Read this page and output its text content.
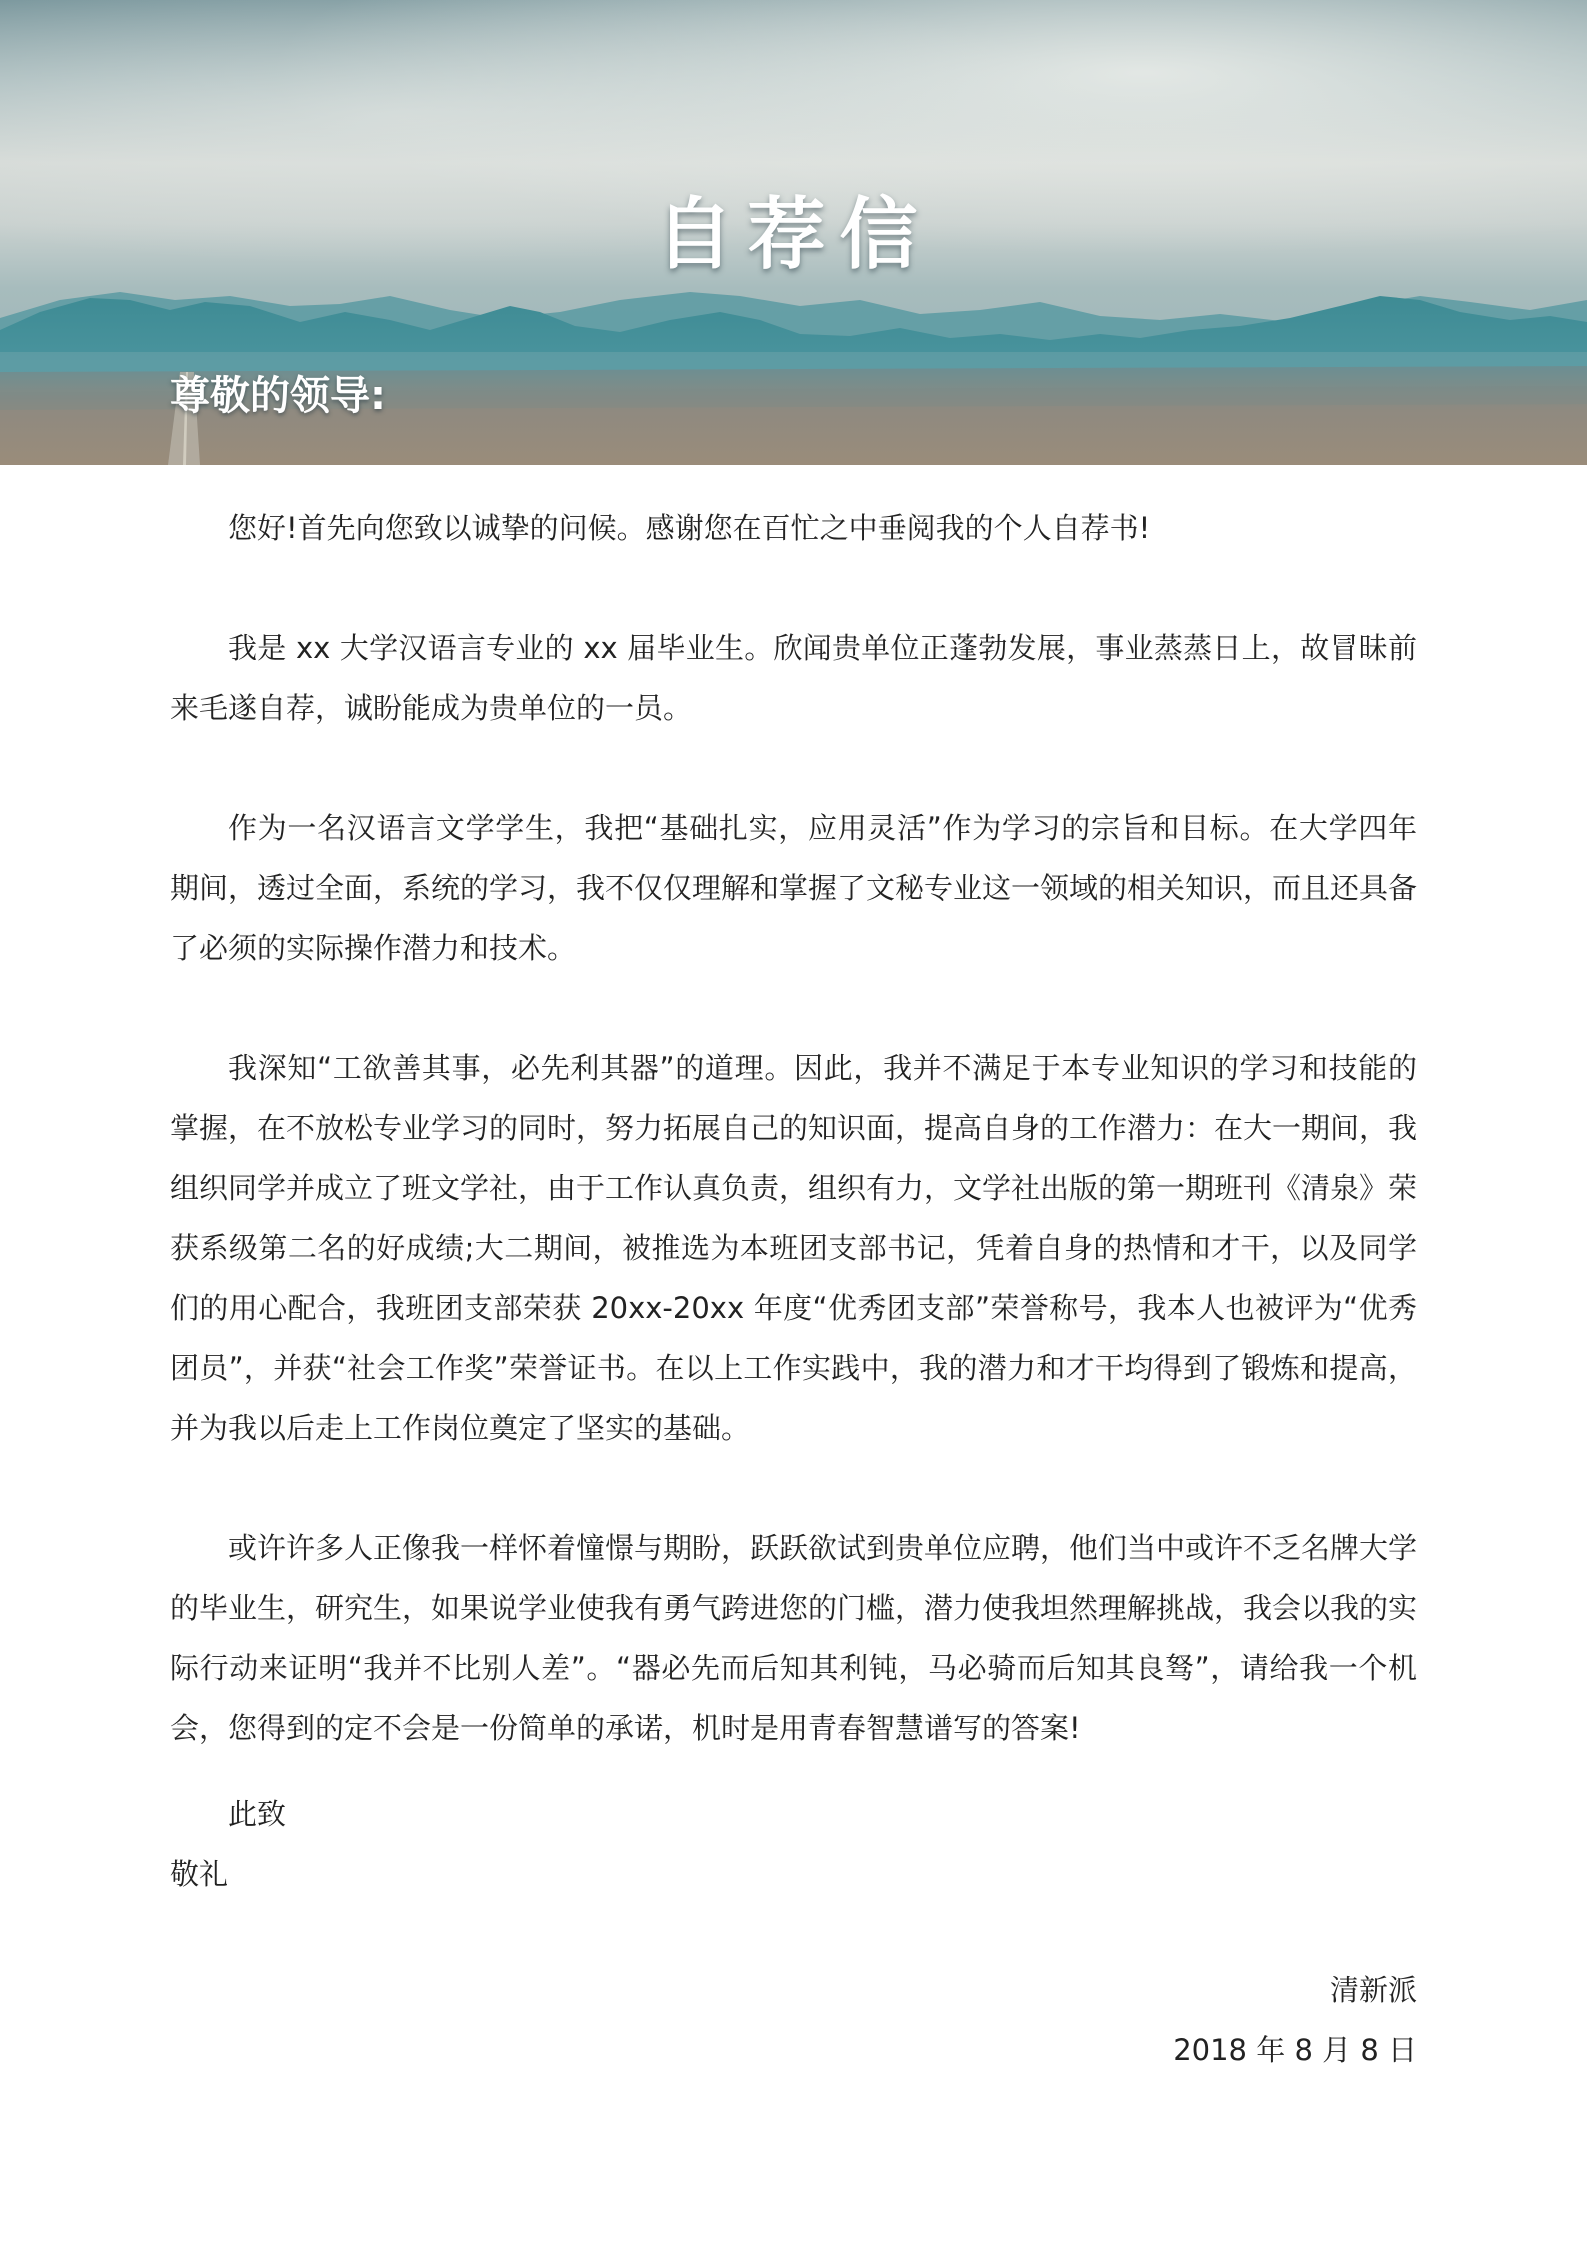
自荐信
尊敬的领导:

您好!首先向您致以诚挚的问候。感谢您在百忙之中垂阅我的个人自荐书!

我是 xx 大学汉语言专业的 xx 届毕业生。欣闻贵单位正蓬勃发展，事业蒸蒸日上，故冒昧前来毛遂自荐，诚盼能成为贵单位的一员。

作为一名汉语言文学学生，我把“基础扎实，应用灵活”作为学习的宗旨和目标。在大学四年期间，透过全面，系统的学习，我不仅仅理解和掌握了文秘专业这一领域的相关知识，而且还具备了必须的实际操作潜力和技术。

我深知“工欲善其事，必先利其器”的道理。因此，我并不满足于本专业知识的学习和技能的掌握，在不放松专业学习的同时，努力拓展自己的知识面，提高自身的工作潜力：在大一期间，我组织同学并成立了班文学社，由于工作认真负责，组织有力，文学社出版的第一期班刊《清泉》荣获系级第二名的好成绩;大二期间，被推选为本班团支部书记，凭着自身的热情和才干，以及同学们的用心配合，我班团支部荣获 20xx-20xx 年度“优秀团支部”荣誉称号，我本人也被评为“优秀团员”，并获“社会工作奖”荣誉证书。在以上工作实践中，我的潜力和才干均得到了锻炼和提高，并为我以后走上工作岗位奠定了坚实的基础。

或许许多人正像我一样怀着憧憬与期盼，跃跃欲试到贵单位应聘，他们当中或许不乏名牌大学的毕业生，研究生，如果说学业使我有勇气跨进您的门槛，潜力使我坦然理解挑战，我会以我的实际行动来证明“我并不比别人差”。“器必先而后知其利钝，马必骑而后知其良驽”，请给我一个机会，您得到的定不会是一份简单的承诺，机时是用青春智慧谱写的答案!

此致
敬礼
清新派
2018 年 8 月 8 日
